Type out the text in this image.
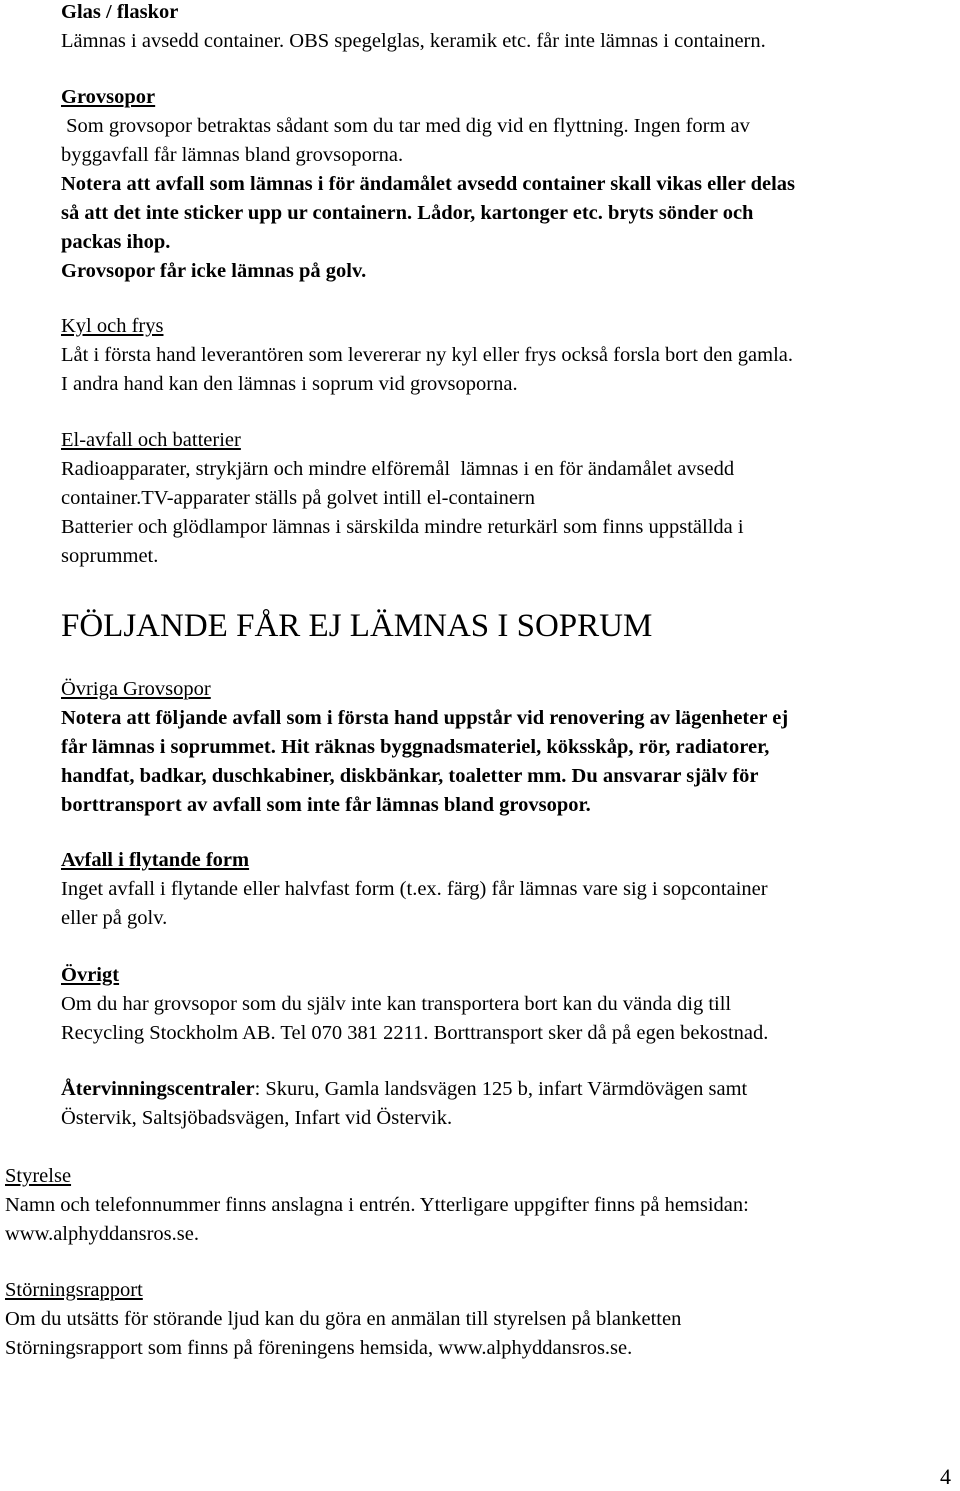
Glas / flaskor
Lämnas i avsedd container. OBS spegelglas, keramik etc. får inte lämnas i containern.
Grovsopor
Som grovsopor betraktas sådant som du tar med dig vid en flyttning. Ingen form av
byggavfall får lämnas bland grovsoporna.
Notera att avfall som lämnas i för ändamålet avsedd container skall vikas eller delas
så att det inte sticker upp ur containern. Lådor, kartonger etc. bryts sönder och
packas ihop.
Grovsopor får icke lämnas på golv.
Kyl och frys
Låt i första hand leverantören som levererar ny kyl eller frys också forsla bort den gamla.
I andra hand kan den lämnas i soprum vid grovsoporna.
El-avfall och batterier
Radioapparater, strykjärn och mindre elföremål  lämnas i en för ändamålet avsedd
container.TV-apparater ställs på golvet intill el-containern
Batterier och glödlampor lämnas i särskilda mindre returkärl som finns uppställda i
soprummet.
FÖLJANDE FÅR EJ LÄMNAS I SOPRUM
Övriga Grovsopor
Notera att följande avfall som i första hand uppstår vid renovering av lägenheter ej
får lämnas i soprummet. Hit räknas byggnadsmateriel, köksskåp, rör, radiatorer,
handfat, badkar, duschkabiner, diskbänkar, toaletter mm. Du ansvarar själv för
borttransport av avfall som inte får lämnas bland grovsopor.
Avfall i flytande form
Inget avfall i flytande eller halvfast form (t.ex. färg) får lämnas vare sig i sopcontainer
eller på golv.
Övrigt
Om du har grovsopor som du själv inte kan transportera bort kan du vända dig till
Recycling Stockholm AB. Tel 070 381 2211. Borttransport sker då på egen bekostnad.
Återvinningscentraler: Skuru, Gamla landsvägen 125 b, infart Värmdövägen samt
Östervik, Saltsjöbadsvägen, Infart vid Östervik.
Styrelse
Namn och telefonnummer finns anslagna i entrén. Ytterligare uppgifter finns på hemsidan:
www.alphyddansros.se.
Störningsrapport
Om du utsätts för störande ljud kan du göra en anmälan till styrelsen på blanketten
Störningsrapport som finns på föreningens hemsida, www.alphyddansros.se.
4
